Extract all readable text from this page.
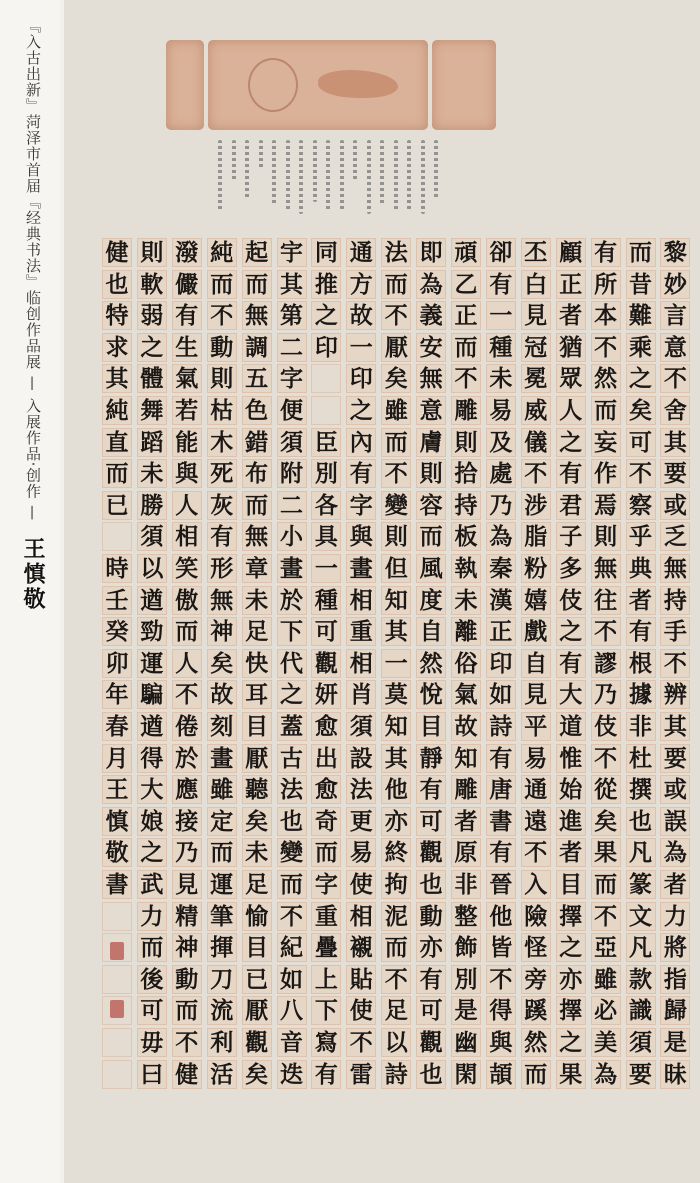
『入古出新』菏泽市首届『经典书法』临创作品展 — 入展作品·创作 — 王慎敬
黎
妙
言
意
不
舍
其
要
或
乏
無
持
手
不
辨
其
要
或
誤
為
者
力
將
指
歸
是
昧
而
昔
難
乘
之
矣
可
不
察
乎
典
者
有
根
據
非
杜
撰
也
凡
篆
文
凡
款
識
須
要
有
所
本
不
然
而
妄
作
焉
則
無
往
不
謬
乃
伎
不
從
矣
果
而
不
亞
雖
必
美
為
顧
正
者
猶
眾
人
之
有
君
子
多
伎
之
有
大
道
惟
始
進
者
目
擇
之
亦
擇
之
果
丕
白
見
冠
冕
威
儀
不
涉
脂
粉
嬉
戲
自
見
平
易
通
遠
不
入
險
怪
旁
蹊
然
而
卻
有
一
種
未
易
及
處
乃
為
秦
漢
正
印
如
詩
有
唐
書
有
晉
他
皆
不
得
與
頡
頑
乙
正
而
不
雕
則
拾
持
板
執
未
離
俗
氣
故
知
雕
者
原
非
整
飾
別
是
幽
閑
即
為
義
安
無
意
膚
則
容
而
風
度
自
然
悅
目
靜
有
可
觀
也
動
亦
有
可
觀
也
法
而
不
厭
矣
雖
而
不
變
則
但
知
其
一
莫
知
其
他
亦
終
拘
泥
而
不
足
以
詩
通
方
故
一
印
之
內
有
字
與
畫
相
重
相
肖
須
設
法
更
易
使
相
襯
貼
使
不
雷
同
推
之
印
臣
別
各
具
一
種
可
觀
妍
愈
出
愈
奇
而
字
重
疊
上
下
寫
有
宇
其
第
二
字
便
須
附
二
小
畫
於
下
代
之
蓋
古
法
也
變
而
不
紀
如
八
音
迭
起
而
無
調
五
色
錯
布
而
無
章
未
足
快
耳
目
厭
聽
矣
未
足
愉
目
已
厭
觀
矣
純
而
不
動
則
枯
木
死
灰
有
形
無
神
矣
故
刻
畫
雖
定
而
運
筆
揮
刀
流
利
活
潑
儼
有
生
氣
若
能
與
人
相
笑
傲
而
人
不
倦
於
應
接
乃
見
精
神
動
而
不
健
則
軟
弱
之
體
舞
蹈
未
勝
須
以
遒
勁
運
騙
遒
得
大
娘
之
武
力
而
後
可
毋
曰
健
也
特
求
其
純
直
而
已
時
壬
癸
卯
年
春
月
王
慎
敬
書
